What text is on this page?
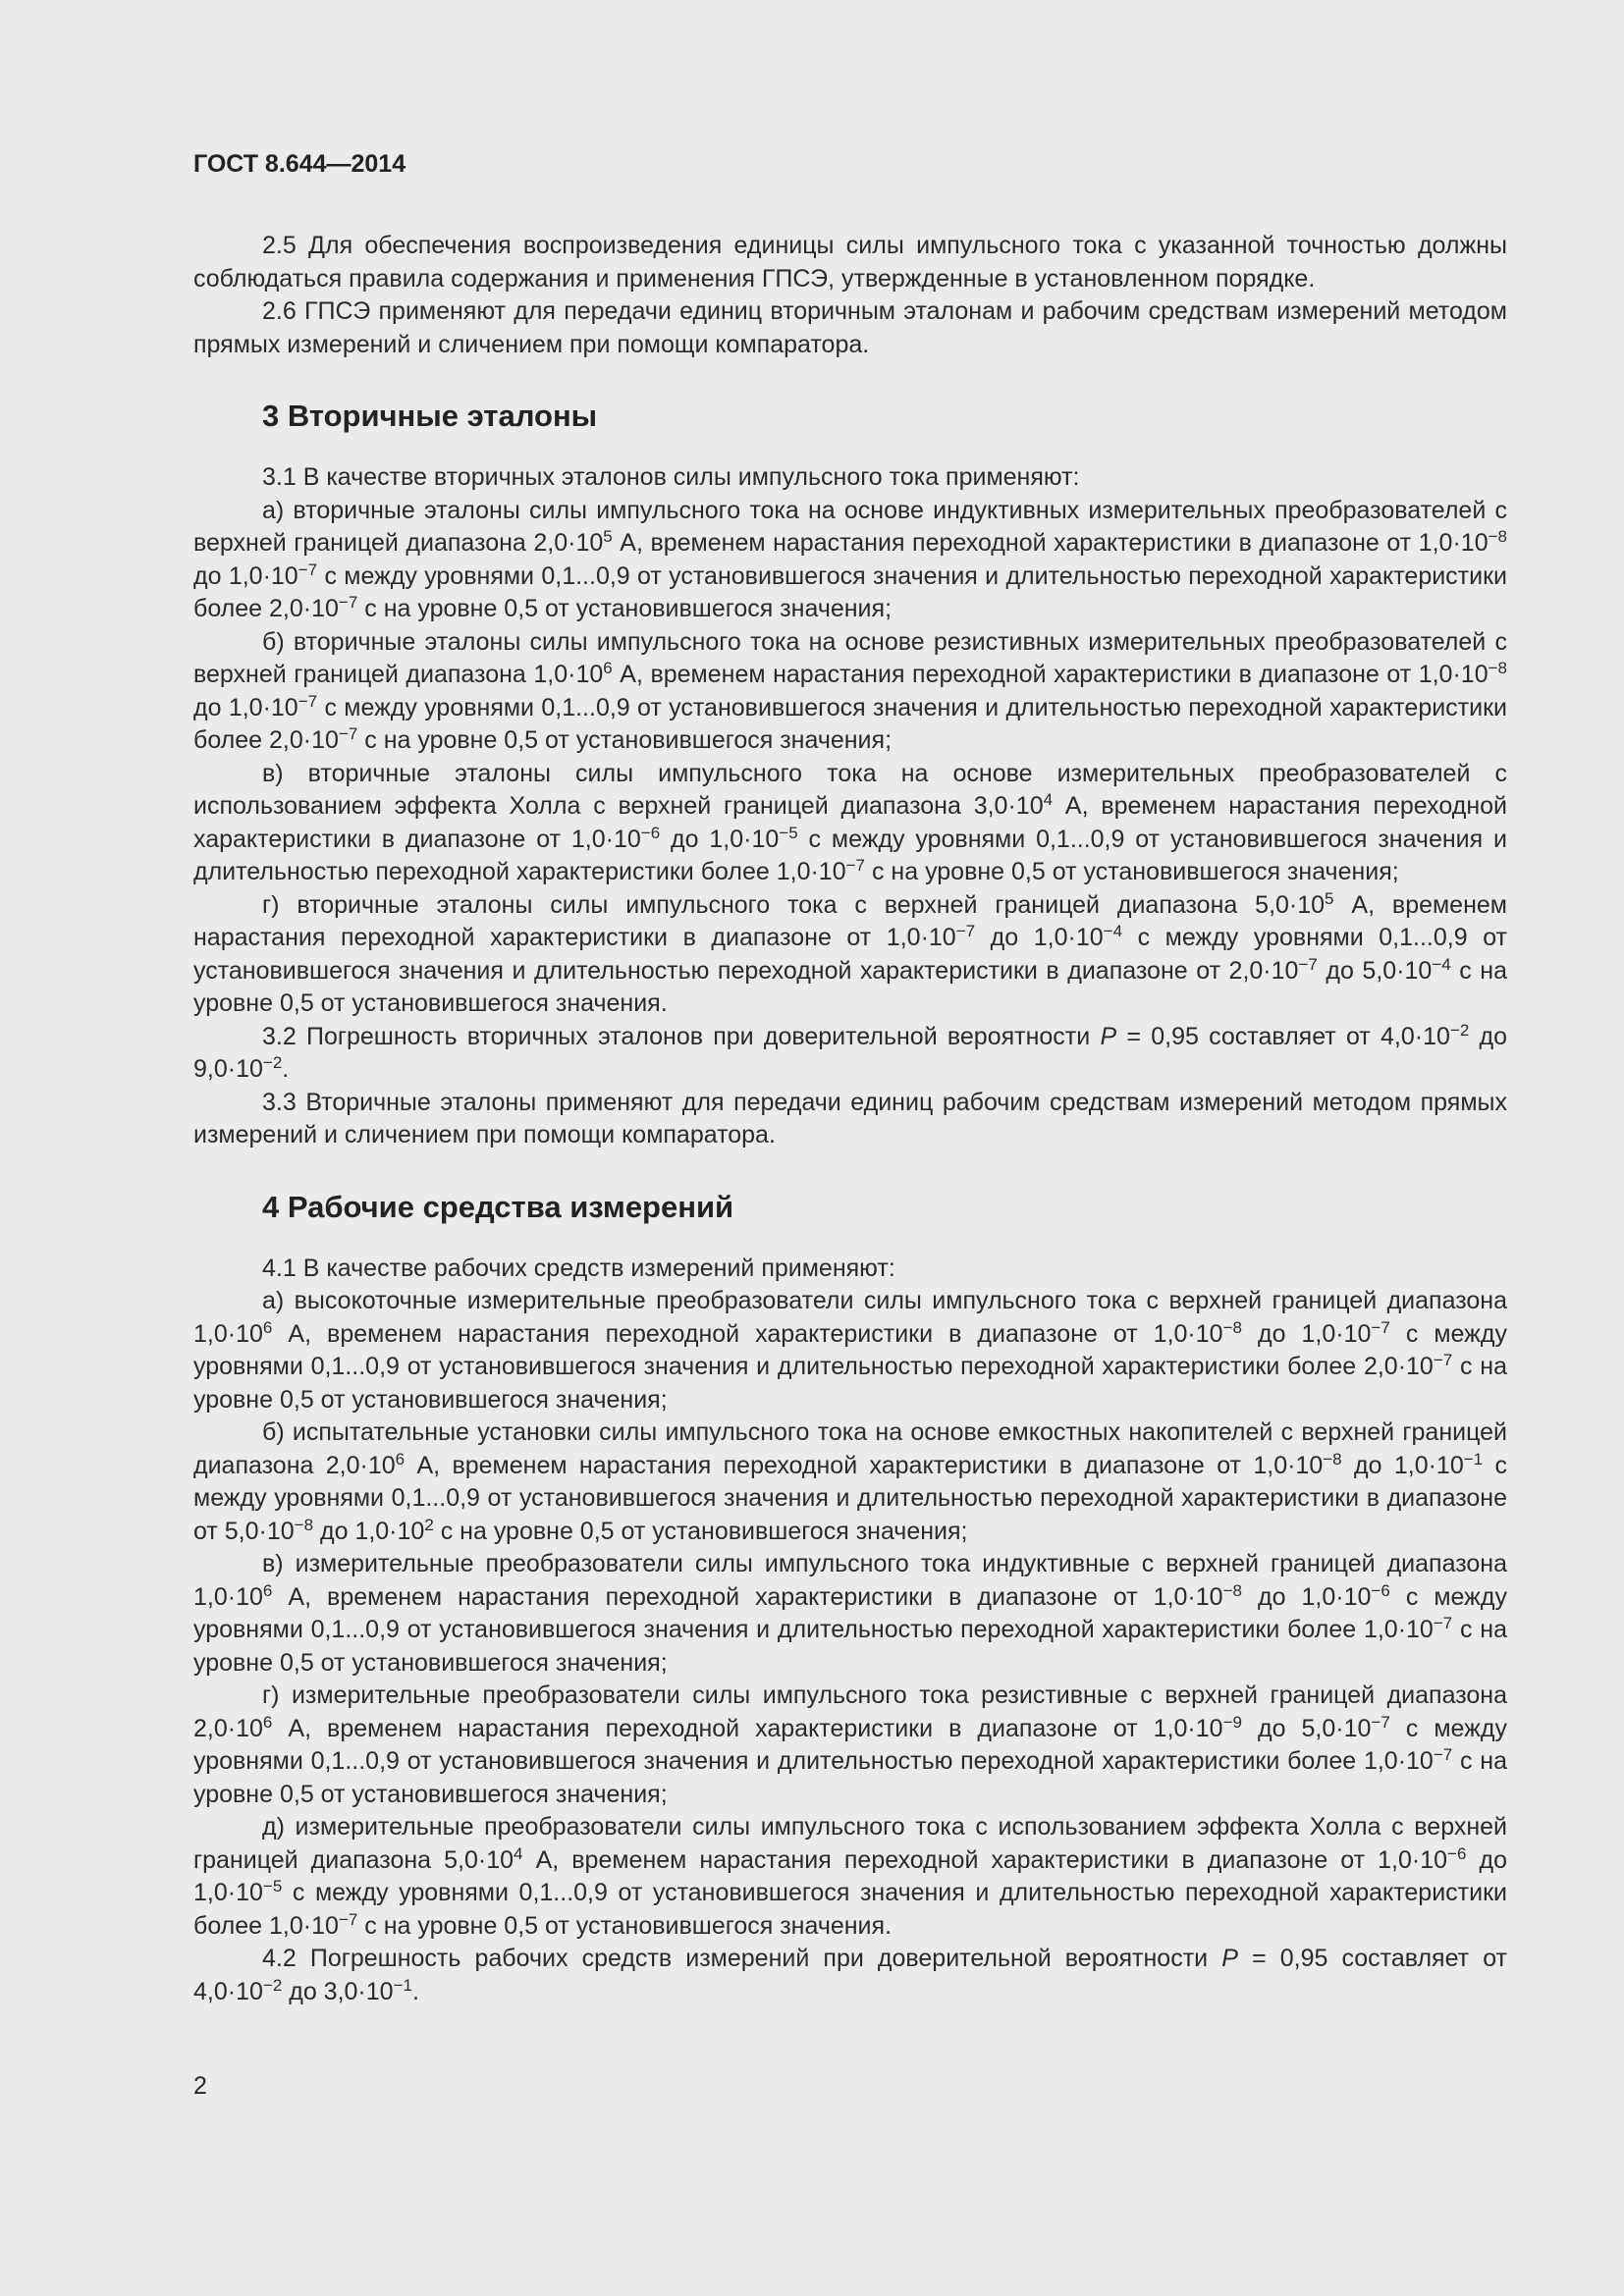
ГОСТ 8.644—2014

2.5 Для обеспечения воспроизведения единицы силы импульсного тока с указанной точностью должны соблюдаться правила содержания и применения ГПСЭ, утвержденные в установленном порядке.

2.6 ГПСЭ применяют для передачи единиц вторичным эталонам и рабочим средствам измерений методом прямых измерений и сличением при помощи компаратора.

3 Вторичные эталоны

3.1 В качестве вторичных эталонов силы импульсного тока применяют:

а) вторичные эталоны силы импульсного тока на основе индуктивных измерительных преобразователей с верхней границей диапазона $2,0\cdot 10^5$ А, временем нарастания переходной характеристики в диапазоне от $1,0\cdot 10^{-8}$ до $1,0\cdot 10^{-7}$ с между уровнями 0,1...0,9 от установившегося значения и длительностью переходной характеристики более $2,0\cdot 10^{-7}$ с на уровне 0,5 от установившегося значения;

б) вторичные эталоны силы импульсного тока на основе резистивных измерительных преобразователей с верхней границей диапазона $1,0\cdot 10^6$ А, временем нарастания переходной характеристики в диапазоне от $1,0\cdot 10^{-8}$ до $1,0\cdot 10^{-7}$ с между уровнями 0,1...0,9 от установившегося значения и длительностью переходной характеристики более $2,0\cdot 10^{-7}$ с на уровне 0,5 от установившегося значения;

в) вторичные эталоны силы импульсного тока на основе измерительных преобразователей с использованием эффекта Холла с верхней границей диапазона $3,0\cdot 10^4$ А, временем нарастания переходной характеристики в диапазоне от $1,0\cdot 10^{-6}$ до $1,0\cdot 10^{-5}$ с между уровнями 0,1...0,9 от установившегося значения и длительностью переходной характеристики более $1,0\cdot 10^{-7}$ с на уровне 0,5 от установившегося значения;

г) вторичные эталоны силы импульсного тока с верхней границей диапазона $5,0\cdot 10^5$ А, временем нарастания переходной характеристики в диапазоне от $1,0\cdot 10^{-7}$ до $1,0\cdot 10^{-4}$ с между уровнями 0,1...0,9 от установившегося значения и длительностью переходной характеристики в диапазоне от $2,0\cdot 10^{-7}$ до $5,0\cdot 10^{-4}$ с на уровне 0,5 от установившегося значения.

3.2 Погрешность вторичных эталонов при доверительной вероятности P = 0,95 составляет от $4,0\cdot 10^{-2}$ до $9,0\cdot 10^{-2}$.

3.3 Вторичные эталоны применяют для передачи единиц рабочим средствам измерений методом прямых измерений и сличением при помощи компаратора.

4 Рабочие средства измерений

4.1 В качестве рабочих средств измерений применяют:

а) высокоточные измерительные преобразователи силы импульсного тока с верхней границей диапазона $1,0\cdot 10^6$ А, временем нарастания переходной характеристики в диапазоне от $1,0\cdot 10^{-8}$ до $1,0\cdot 10^{-7}$ с между уровнями 0,1...0,9 от установившегося значения и длительностью переходной характеристики более $2,0\cdot 10^{-7}$ с на уровне 0,5 от установившегося значения;

б) испытательные установки силы импульсного тока на основе емкостных накопителей с верхней границей диапазона $2,0\cdot 10^6$ А, временем нарастания переходной характеристики в диапазоне от $1,0\cdot 10^{-8}$ до $1,0\cdot 10^{-1}$ с между уровнями 0,1...0,9 от установившегося значения и длительностью переходной характеристики в диапазоне от $5,0\cdot 10^{-8}$ до $1,0\cdot 10^2$ с на уровне 0,5 от установившегося значения;

в) измерительные преобразователи силы импульсного тока индуктивные с верхней границей диапазона $1,0\cdot 10^6$ А, временем нарастания переходной характеристики в диапазоне от $1,0\cdot 10^{-8}$ до $1,0\cdot 10^{-6}$ с между уровнями 0,1...0,9 от установившегося значения и длительностью переходной характеристики более $1,0\cdot 10^{-7}$ с на уровне 0,5 от установившегося значения;

г) измерительные преобразователи силы импульсного тока резистивные с верхней границей диапазона $2,0\cdot 10^6$ А, временем нарастания переходной характеристики в диапазоне от $1,0\cdot 10^{-9}$ до $5,0\cdot 10^{-7}$ с между уровнями 0,1...0,9 от установившегося значения и длительностью переходной характеристики более $1,0\cdot 10^{-7}$ с на уровне 0,5 от установившегося значения;

д) измерительные преобразователи силы импульсного тока с использованием эффекта Холла с верхней границей диапазона $5,0\cdot 10^4$ А, временем нарастания переходной характеристики в диапазоне от $1,0\cdot 10^{-6}$ до $1,0\cdot 10^{-5}$ с между уровнями 0,1...0,9 от установившегося значения и длительностью переходной характеристики более $1,0\cdot 10^{-7}$ с на уровне 0,5 от установившегося значения.

4.2 Погрешность рабочих средств измерений при доверительной вероятности P = 0,95 составляет от $4,0\cdot 10^{-2}$ до $3,0\cdot 10^{-1}$.

2
